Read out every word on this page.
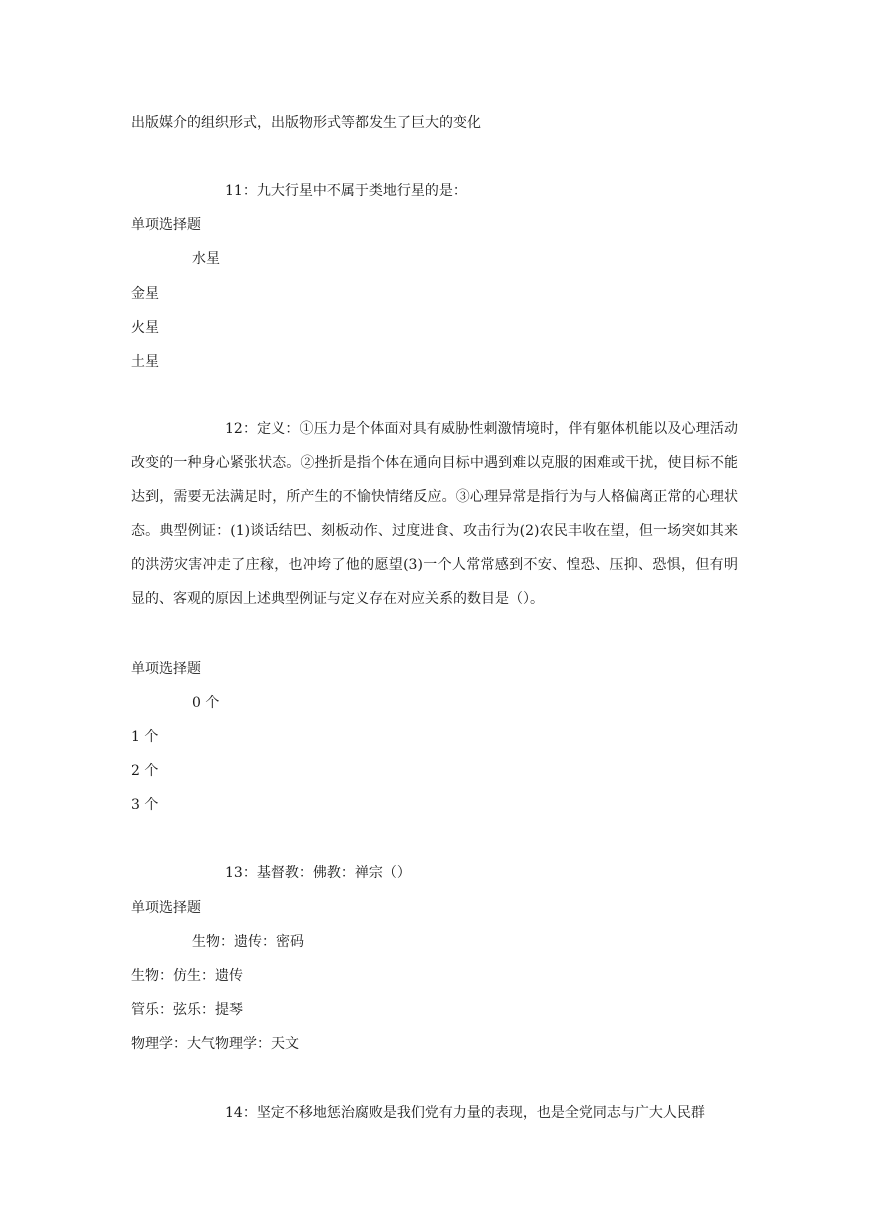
出版媒介的组织形式，出版物形式等都发生了巨大的变化
11：九大行星中不属于类地行星的是：
单项选择题
水星
金星
火星
土星
12：定义：①压力是个体面对具有威胁性刺激情境时，伴有躯体机能以及心理活动改变的一种身心紧张状态。②挫折是指个体在通向目标中遇到难以克服的困难或干扰，使目标不能达到，需要无法满足时，所产生的不愉快情绪反应。③心理异常是指行为与人格偏离正常的心理状态。典型例证：(1)谈话结巴、刻板动作、过度进食、攻击行为(2)农民丰收在望，但一场突如其来的洪涝灾害冲走了庄稼，也冲垮了他的愿望(3)一个人常常感到不安、惶恐、压抑、恐惧，但有明显的、客观的原因上述典型例证与定义存在对应关系的数目是（）。
单项选择题
0 个
1 个
2 个
3 个
13：基督教：佛教：禅宗（）
单项选择题
生物：遗传：密码
生物：仿生：遗传
管乐：弦乐：提琴
物理学：大气物理学：天文
14：坚定不移地惩治腐败是我们党有力量的表现，也是全党同志与广大人民群
